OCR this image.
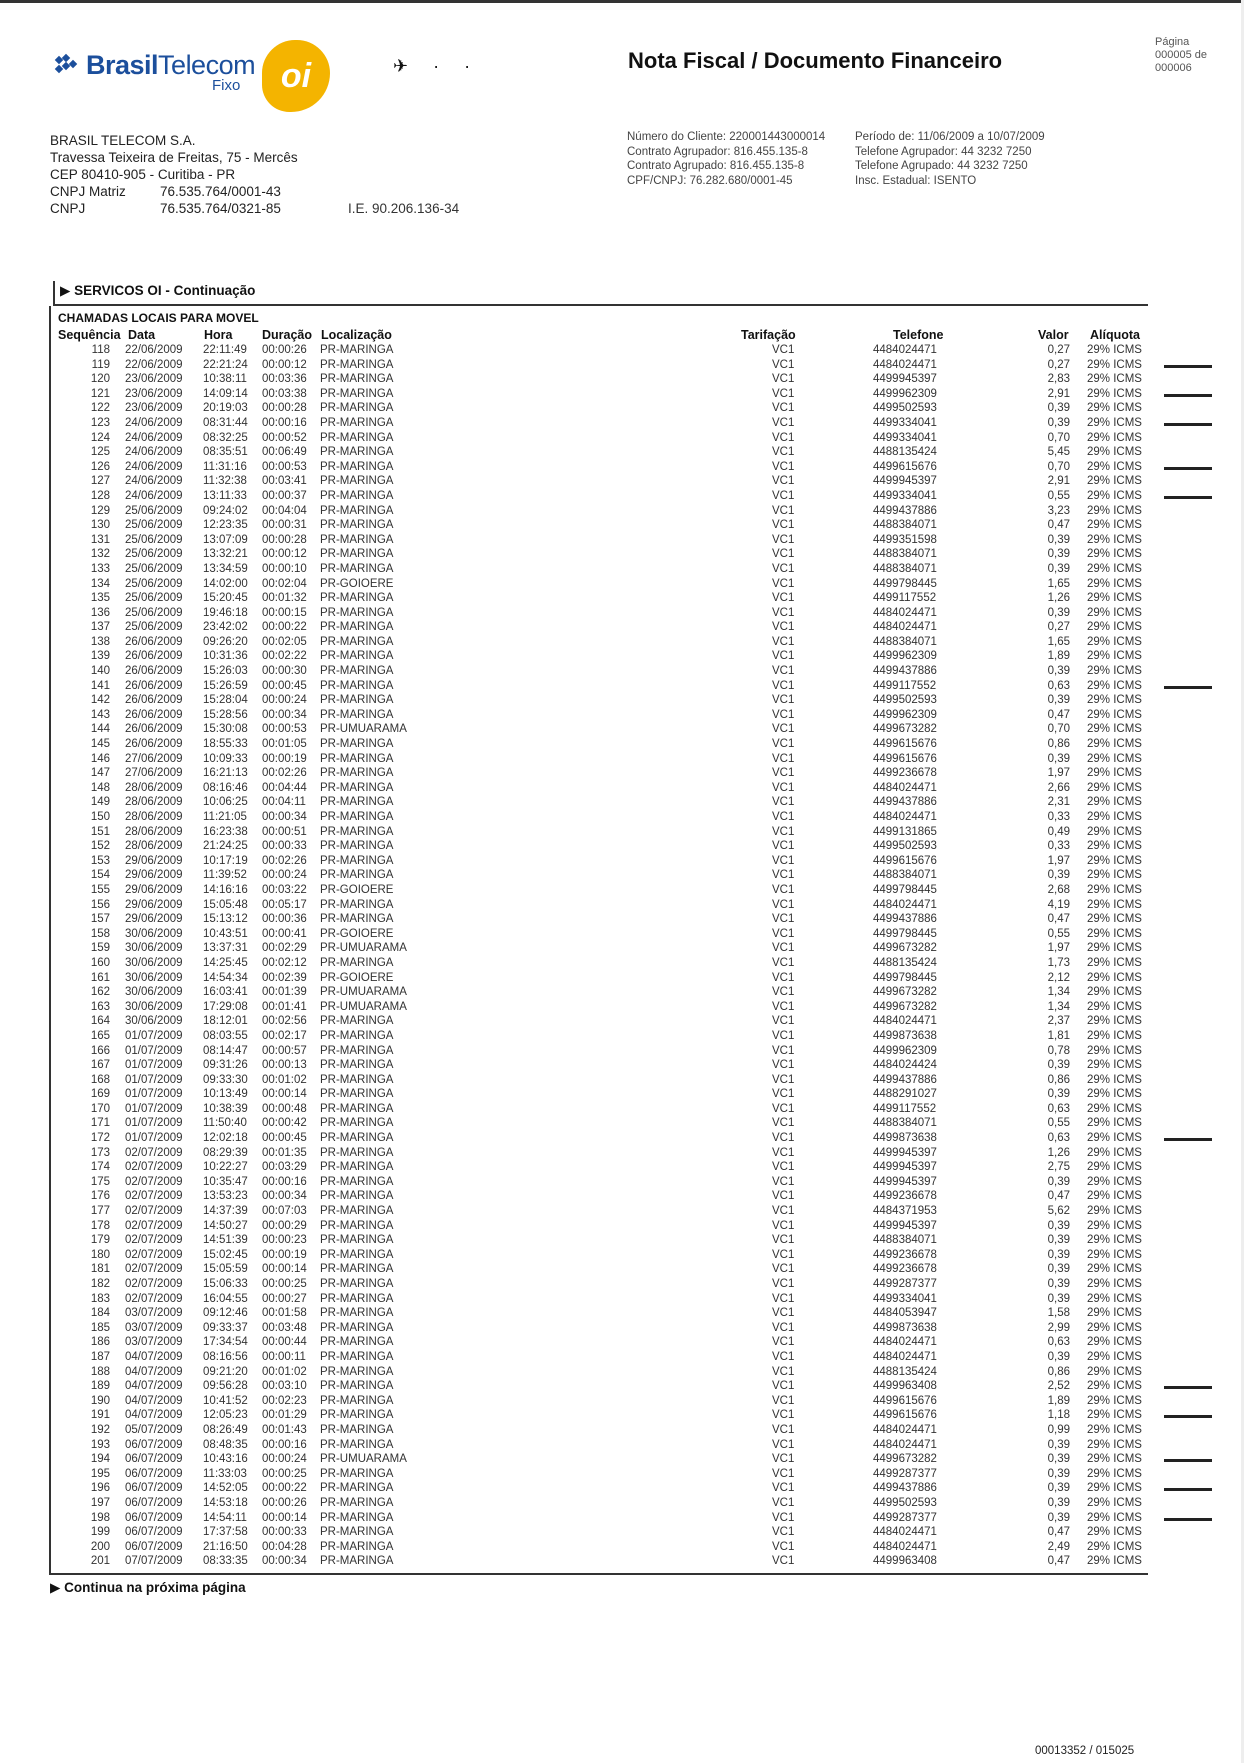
BrasilTelecom
Fixo	oi	✈ · ·	Nota Fiscal / Documento Financeiro
Página
000005 de
000006
BRASIL TELECOM S.A.
Travessa Teixeira de Freitas, 75 - Mercês
CEP 80410-905 - Curitiba - PR
CNPJ Matriz	76.535.764/0001-43
CNPJ	76.535.764/0321-85	I.E. 90.206.136-34
Número do Cliente: 220001443000014
Contrato Agrupador: 816.455.135-8
Contrato Agrupado: 816.455.135-8
CPF/CNPJ: 76.282.680/0001-45
Período de: 11/06/2009 a 10/07/2009
Telefone Agrupador: 44 3232 7250
Telefone Agrupado: 44 3232 7250
Insc. Estadual: ISENTO
▶ SERVICOS OI - Continuação
CHAMADAS LOCAIS PARA MOVEL
Sequência Data	Hora Duração Localização	Tarifação	Telefone	Valor Alíquota
118 22/06/2009 22:11:49 00:00:26 PR-MARINGA	VC1	4484024471	0,27 29% ICMS
119 22/06/2009 22:21:24 00:00:12 PR-MARINGA	VC1	4484024471	0,27 29% ICMS
120 23/06/2009 10:38:11 00:03:36 PR-MARINGA	VC1	4499945397	2,83 29% ICMS
121 23/06/2009 14:09:14 00:03:38 PR-MARINGA	VC1	4499962309	2,91 29% ICMS
122 23/06/2009 20:19:03 00:00:28 PR-MARINGA	VC1	4499502593	0,39 29% ICMS
123 24/06/2009 08:31:44 00:00:16 PR-MARINGA	VC1	4499334041	0,39 29% ICMS
124 24/06/2009 08:32:25 00:00:52 PR-MARINGA	VC1	4499334041	0,70 29% ICMS
125 24/06/2009 08:35:51 00:06:49 PR-MARINGA	VC1	4488135424	5,45 29% ICMS
126 24/06/2009 11:31:16 00:00:53 PR-MARINGA	VC1	4499615676	0,70 29% ICMS
127 24/06/2009 11:32:38 00:03:41 PR-MARINGA	VC1	4499945397	2,91 29% ICMS
128 24/06/2009 13:11:33 00:00:37 PR-MARINGA	VC1	4499334041	0,55 29% ICMS
129 25/06/2009 09:24:02 00:04:04 PR-MARINGA	VC1	4499437886	3,23 29% ICMS
130 25/06/2009 12:23:35 00:00:31 PR-MARINGA	VC1	4488384071	0,47 29% ICMS
131 25/06/2009 13:07:09 00:00:28 PR-MARINGA	VC1	4499351598	0,39 29% ICMS
132 25/06/2009 13:32:21 00:00:12 PR-MARINGA	VC1	4488384071	0,39 29% ICMS
133 25/06/2009 13:34:59 00:00:10 PR-MARINGA	VC1	4488384071	0,39 29% ICMS
134 25/06/2009 14:02:00 00:02:04 PR-GOIOERE	VC1	4499798445	1,65 29% ICMS
135 25/06/2009 15:20:45 00:01:32 PR-MARINGA	VC1	4499117552	1,26 29% ICMS
136 25/06/2009 19:46:18 00:00:15 PR-MARINGA	VC1	4484024471	0,39 29% ICMS
137 25/06/2009 23:42:02 00:00:22 PR-MARINGA	VC1	4484024471	0,27 29% ICMS
138 26/06/2009 09:26:20 00:02:05 PR-MARINGA	VC1	4488384071	1,65 29% ICMS
139 26/06/2009 10:31:36 00:02:22 PR-MARINGA	VC1	4499962309	1,89 29% ICMS
140 26/06/2009 15:26:03 00:00:30 PR-MARINGA	VC1	4499437886	0,39 29% ICMS
141 26/06/2009 15:26:59 00:00:45 PR-MARINGA	VC1	4499117552	0,63 29% ICMS
142 26/06/2009 15:28:04 00:00:24 PR-MARINGA	VC1	4499502593	0,39 29% ICMS
143 26/06/2009 15:28:56 00:00:34 PR-MARINGA	VC1	4499962309	0,47 29% ICMS
144 26/06/2009 15:30:08 00:00:53 PR-UMUARAMA	VC1	4499673282	0,70 29% ICMS
145 26/06/2009 18:55:33 00:01:05 PR-MARINGA	VC1	4499615676	0,86 29% ICMS
146 27/06/2009 10:09:33 00:00:19 PR-MARINGA	VC1	4499615676	0,39 29% ICMS
147 27/06/2009 16:21:13 00:02:26 PR-MARINGA	VC1	4499236678	1,97 29% ICMS
148 28/06/2009 08:16:46 00:04:44 PR-MARINGA	VC1	4484024471	2,66 29% ICMS
149 28/06/2009 10:06:25 00:04:11 PR-MARINGA	VC1	4499437886	2,31 29% ICMS
150 28/06/2009 11:21:05 00:00:34 PR-MARINGA	VC1	4484024471	0,33 29% ICMS
151 28/06/2009 16:23:38 00:00:51 PR-MARINGA	VC1	4499131865	0,49 29% ICMS
152 28/06/2009 21:24:25 00:00:33 PR-MARINGA	VC1	4499502593	0,33 29% ICMS
153 29/06/2009 10:17:19 00:02:26 PR-MARINGA	VC1	4499615676	1,97 29% ICMS
154 29/06/2009 11:39:52 00:00:24 PR-MARINGA	VC1	4488384071	0,39 29% ICMS
155 29/06/2009 14:16:16 00:03:22 PR-GOIOERE	VC1	4499798445	2,68 29% ICMS
156 29/06/2009 15:05:48 00:05:17 PR-MARINGA	VC1	4484024471	4,19 29% ICMS
157 29/06/2009 15:13:12 00:00:36 PR-MARINGA	VC1	4499437886	0,47 29% ICMS
158 30/06/2009 10:43:51 00:00:41 PR-GOIOERE	VC1	4499798445	0,55 29% ICMS
159 30/06/2009 13:37:31 00:02:29 PR-UMUARAMA	VC1	4499673282	1,97 29% ICMS
160 30/06/2009 14:25:45 00:02:12 PR-MARINGA	VC1	4488135424	1,73 29% ICMS
161 30/06/2009 14:54:34 00:02:39 PR-GOIOERE	VC1	4499798445	2,12 29% ICMS
162 30/06/2009 16:03:41 00:01:39 PR-UMUARAMA	VC1	4499673282	1,34 29% ICMS
163 30/06/2009 17:29:08 00:01:41 PR-UMUARAMA	VC1	4499673282	1,34 29% ICMS
164 30/06/2009 18:12:01 00:02:56 PR-MARINGA	VC1	4484024471	2,37 29% ICMS
165 01/07/2009 08:03:55 00:02:17 PR-MARINGA	VC1	4499873638	1,81 29% ICMS
166 01/07/2009 08:14:47 00:00:57 PR-MARINGA	VC1	4499962309	0,78 29% ICMS
167 01/07/2009 09:31:26 00:00:13 PR-MARINGA	VC1	4484024424	0,39 29% ICMS
168 01/07/2009 09:33:30 00:01:02 PR-MARINGA	VC1	4499437886	0,86 29% ICMS
169 01/07/2009 10:13:49 00:00:14 PR-MARINGA	VC1	4488291027	0,39 29% ICMS
170 01/07/2009 10:38:39 00:00:48 PR-MARINGA	VC1	4499117552	0,63 29% ICMS
171 01/07/2009 11:50:40 00:00:42 PR-MARINGA	VC1	4488384071	0,55 29% ICMS
172 01/07/2009 12:02:18 00:00:45 PR-MARINGA	VC1	4499873638	0,63 29% ICMS
173 02/07/2009 08:29:39 00:01:35 PR-MARINGA	VC1	4499945397	1,26 29% ICMS
174 02/07/2009 10:22:27 00:03:29 PR-MARINGA	VC1	4499945397	2,75 29% ICMS
175 02/07/2009 10:35:47 00:00:16 PR-MARINGA	VC1	4499945397	0,39 29% ICMS
176 02/07/2009 13:53:23 00:00:34 PR-MARINGA	VC1	4499236678	0,47 29% ICMS
177 02/07/2009 14:37:39 00:07:03 PR-MARINGA	VC1	4484371953	5,62 29% ICMS
178 02/07/2009 14:50:27 00:00:29 PR-MARINGA	VC1	4499945397	0,39 29% ICMS
179 02/07/2009 14:51:39 00:00:23 PR-MARINGA	VC1	4488384071	0,39 29% ICMS
180 02/07/2009 15:02:45 00:00:19 PR-MARINGA	VC1	4499236678	0,39 29% ICMS
181 02/07/2009 15:05:59 00:00:14 PR-MARINGA	VC1	4499236678	0,39 29% ICMS
182 02/07/2009 15:06:33 00:00:25 PR-MARINGA	VC1	4499287377	0,39 29% ICMS
183 02/07/2009 16:04:55 00:00:27 PR-MARINGA	VC1	4499334041	0,39 29% ICMS
184 03/07/2009 09:12:46 00:01:58 PR-MARINGA	VC1	4484053947	1,58 29% ICMS
185 03/07/2009 09:33:37 00:03:48 PR-MARINGA	VC1	4499873638	2,99 29% ICMS
186 03/07/2009 17:34:54 00:00:44 PR-MARINGA	VC1	4484024471	0,63 29% ICMS
187 04/07/2009 08:16:56 00:00:11 PR-MARINGA	VC1	4484024471	0,39 29% ICMS
188 04/07/2009 09:21:20 00:01:02 PR-MARINGA	VC1	4488135424	0,86 29% ICMS
189 04/07/2009 09:56:28 00:03:10 PR-MARINGA	VC1	4499963408	2,52 29% ICMS
190 04/07/2009 10:41:52 00:02:23 PR-MARINGA	VC1	4499615676	1,89 29% ICMS
191 04/07/2009 12:05:23 00:01:29 PR-MARINGA	VC1	4499615676	1,18 29% ICMS
192 05/07/2009 08:26:49 00:01:43 PR-MARINGA	VC1	4484024471	0,99 29% ICMS
193 06/07/2009 08:48:35 00:00:16 PR-MARINGA	VC1	4484024471	0,39 29% ICMS
194 06/07/2009 10:43:16 00:00:24 PR-UMUARAMA	VC1	4499673282	0,39 29% ICMS
195 06/07/2009 11:33:03 00:00:25 PR-MARINGA	VC1	4499287377	0,39 29% ICMS
196 06/07/2009 14:52:05 00:00:22 PR-MARINGA	VC1	4499437886	0,39 29% ICMS
197 06/07/2009 14:53:18 00:00:26 PR-MARINGA	VC1	4499502593	0,39 29% ICMS
198 06/07/2009 14:54:11 00:00:14 PR-MARINGA	VC1	4499287377	0,39 29% ICMS
199 06/07/2009 17:37:58 00:00:33 PR-MARINGA	VC1	4484024471	0,47 29% ICMS
200 06/07/2009 21:16:50 00:04:28 PR-MARINGA	VC1	4484024471	2,49 29% ICMS
201 07/07/2009 08:33:35 00:00:34 PR-MARINGA	VC1	4499963408	0,47 29% ICMS
▶ Continua na próxima página
00013352 / 015025
